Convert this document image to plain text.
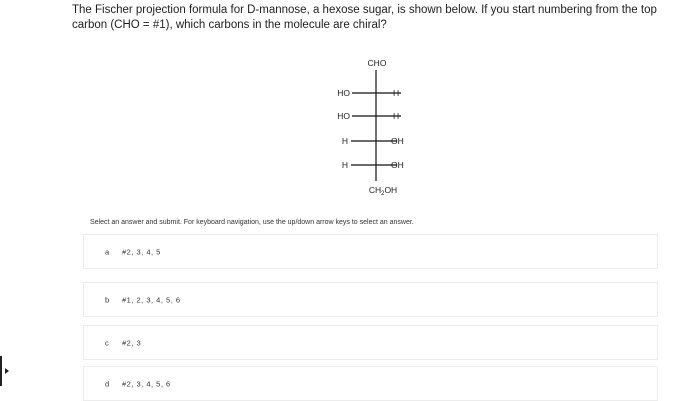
The Fischer projection formula for D-mannose, a hexose sugar, is shown below. If you start numbering from the top carbon (CHO = #1), which carbons in the molecule are chiral?
CHO
HO	H
HO	H
H	OH
H	OH
$CH_2OH$
Select an answer and submit. For keyboard navigation, use the up/down arrow keys to select an answer.
a #2, 3, 4, 5
b #1, 2, 3, 4, 5, 6
c #2, 3
d #2, 3, 4, 5, 6
